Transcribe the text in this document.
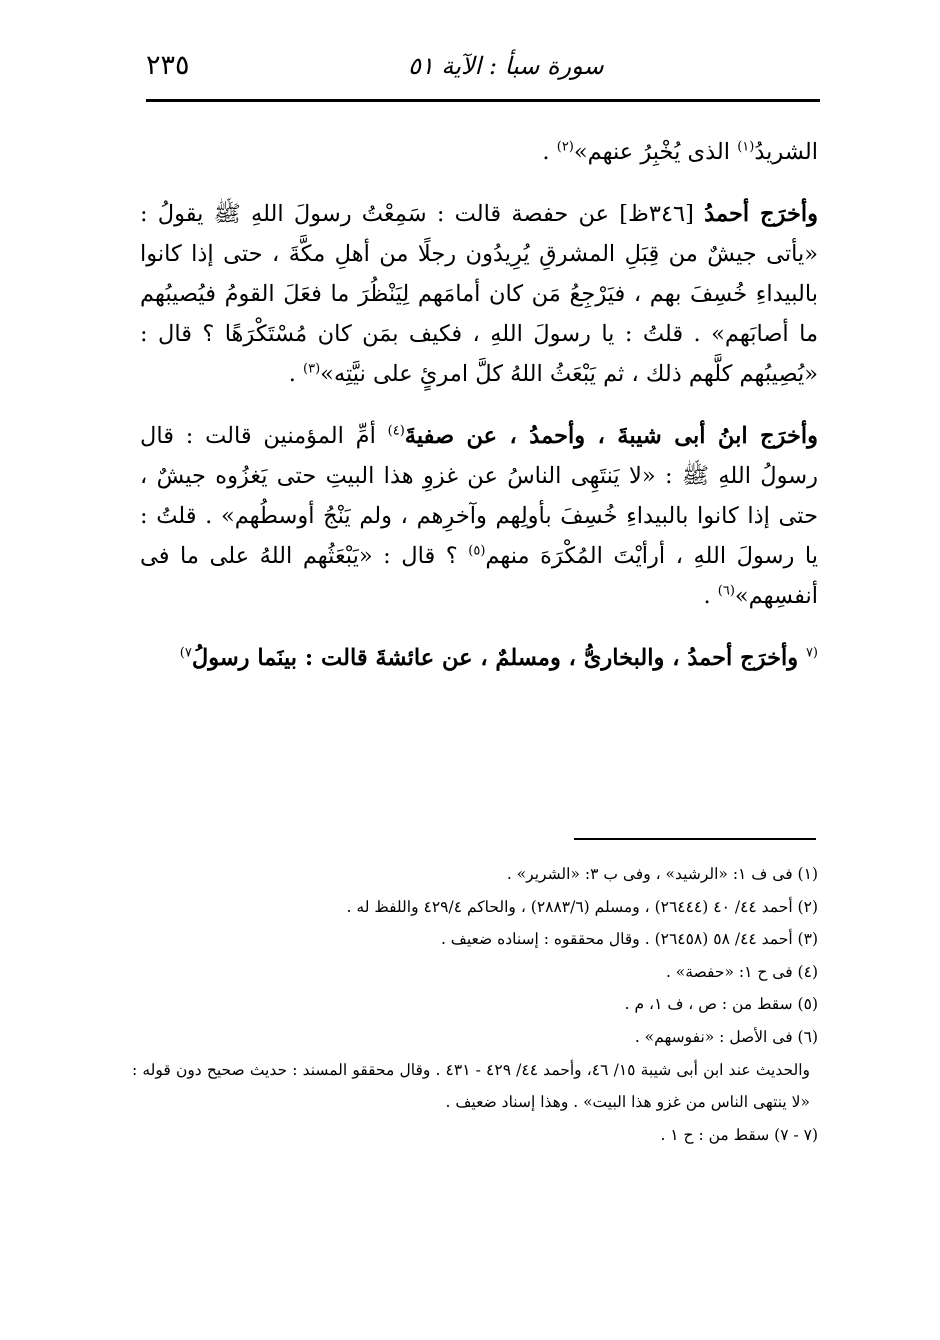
٢٣٥	سورة سبأ : الآية ٥١

الشريدُ$^{(١)}$ الذى يُخْبِرُ عنهم»$^{(٢)}$ .

وأخرَج أحمدُ [٣٤٦ظ] عن حفصة قالت : سَمِعْتُ رسولَ اللهِ ﷺ يقولُ : «يأتى جيشٌ من قِبَلِ المشرقِ يُرِيدُون رجلًا من أهلِ مكَّةَ ، حتى إذا كانوا بالبيداءِ خُسِفَ بهم ، فيَرْجِعُ مَن كان أمامَهم لِيَنْظُرَ ما فعَلَ القومُ فيُصيبُهم ما أصابَهم» . قلتُ : يا رسولَ اللهِ ، فكيف بمَن كان مُسْتَكْرَهًا ؟ قال : «يُصِيبُهم كلَّهم ذلك ، ثم يَبْعَثُ اللهُ كلَّ امرئٍ على نيَّتِه»$^{(٣)}$ .

وأخرَج ابنُ أبى شيبةَ ، وأحمدُ ، عن صفيةَ$^{(٤)}$ أمِّ المؤمنين قالت : قال رسولُ اللهِ ﷺ : «لا يَنتَهِى الناسُ عن غزوِ هذا البيتِ حتى يَغزُوه جيشٌ ، حتى إذا كانوا بالبيداءِ خُسِفَ بأولِهم وآخرِهم ، ولم يَنْجُ أوسطُهم» . قلتُ : يا رسولَ اللهِ ، أرأيْتَ المُكْرَهَ منهم$^{(٥)}$ ؟ قال : «يَبْعَثُهم اللهُ على ما فى أنفسِهم»$^{(٦)}$ .

$^{(٧}$ وأخرَج أحمدُ ، والبخارىُّ ، ومسلمٌ ، عن عائشةَ قالت : بينَما رسولُ$^{٧)}$

(١) فى ف ١: «الرشيد» ، وفى ب ٣: «الشرير» .
(٢) أحمد ٤٤/ ٤٠ (٢٦٤٤٤) ، ومسلم (٢٨٨٣/٦) ، والحاكم ٤٢٩/٤ واللفظ له .
(٣) أحمد ٤٤/ ٥٨ (٢٦٤٥٨) . وقال محققوه : إسناده ضعيف .
(٤) فى ح ١: «حفصة» .
(٥) سقط من : ص ، ف ١، م .
(٦) فى الأصل : «نفوسهم» .
والحديث عند ابن أبى شيبة ١٥/ ٤٦، وأحمد ٤٤/ ٤٢٩ - ٤٣١ . وقال محققو المسند : حديث صحيح دون قوله : «لا ينتهى الناس من غزو هذا البيت» . وهذا إسناد ضعيف .
(٧ - ٧) سقط من : ح ١ .
